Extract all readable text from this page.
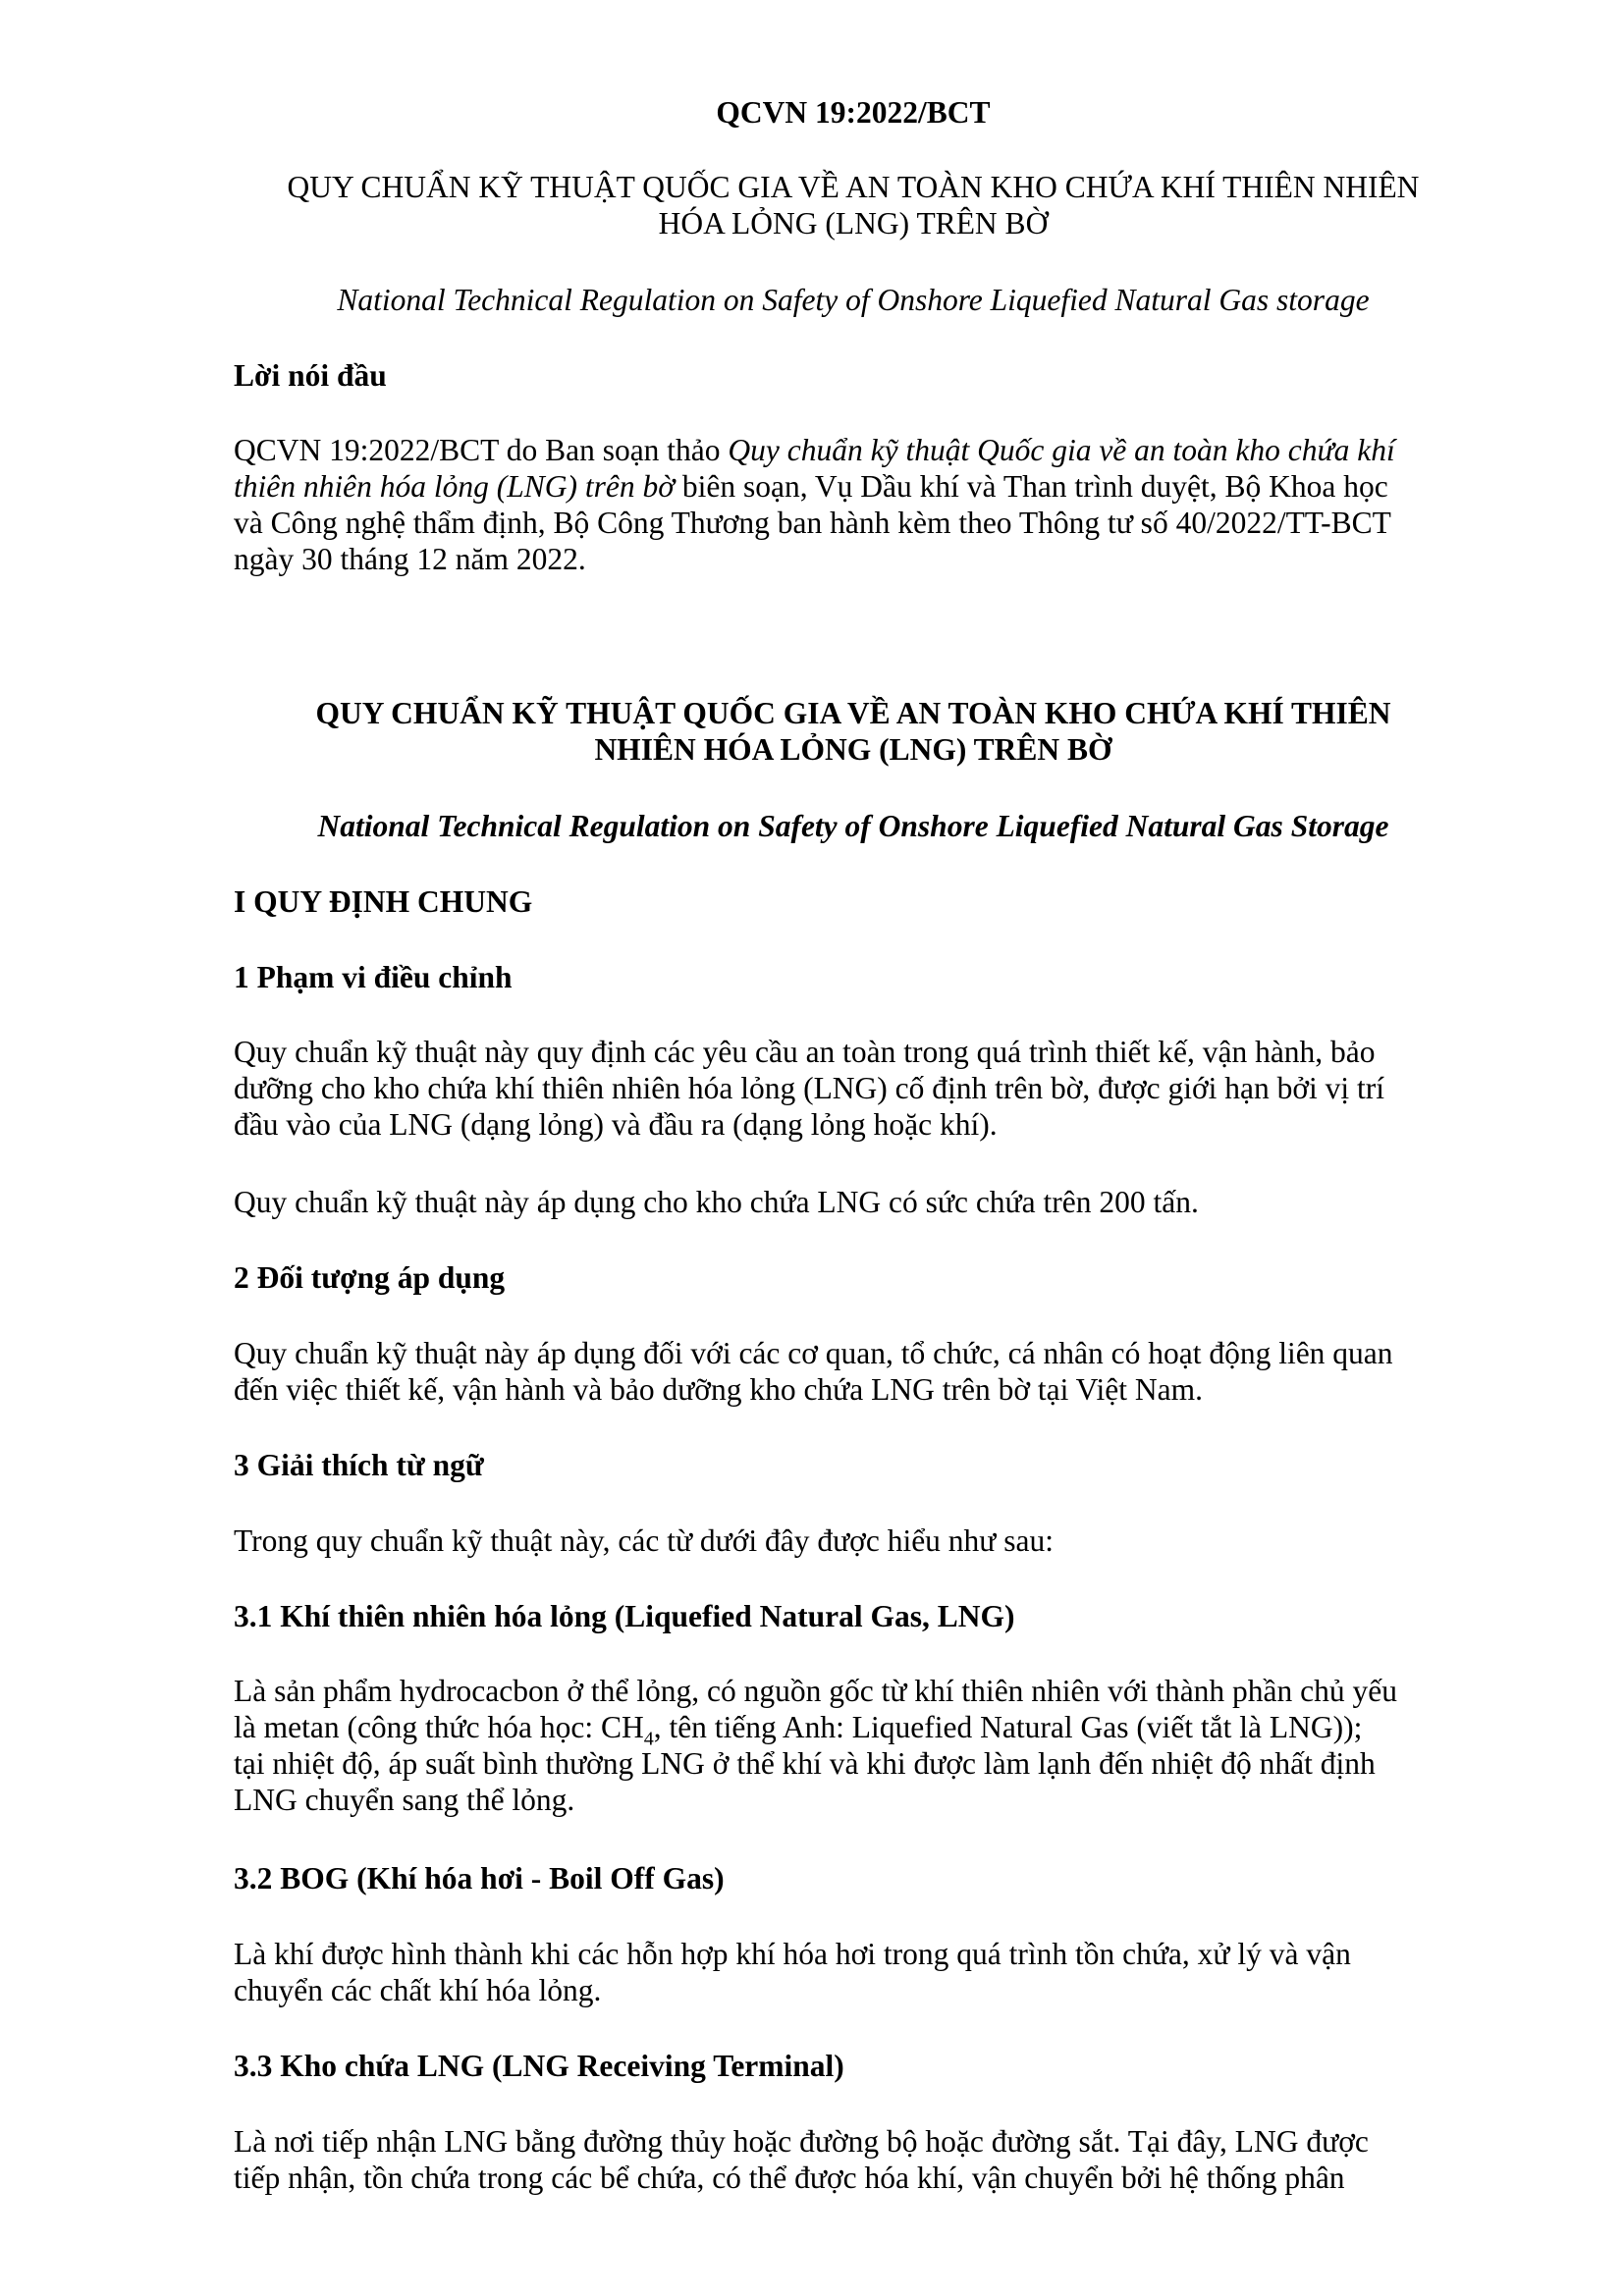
QCVN 19:2022/BCT

QUY CHUẨN KỸ THUẬT QUỐC GIA VỀ AN TOÀN KHO CHỨA KHÍ THIÊN NHIÊN

HÓA LỎNG (LNG) TRÊN BỜ

National Technical Regulation on Safety of Onshore Liquefied Natural Gas storage

Lời nói đầu

QCVN 19:2022/BCT do Ban soạn thảo Quy chuẩn kỹ thuật Quốc gia về an toàn kho chứa khí

thiên nhiên hóa lỏng (LNG) trên bờ biên soạn, Vụ Dầu khí và Than trình duyệt, Bộ Khoa học

và Công nghệ thẩm định, Bộ Công Thương ban hành kèm theo Thông tư số 40/2022/TT-BCT

ngày 30 tháng 12 năm 2022.

QUY CHUẨN KỸ THUẬT QUỐC GIA VỀ AN TOÀN KHO CHỨA KHÍ THIÊN

NHIÊN HÓA LỎNG (LNG) TRÊN BỜ

National Technical Regulation on Safety of Onshore Liquefied Natural Gas Storage

I QUY ĐỊNH CHUNG

1 Phạm vi điều chỉnh

Quy chuẩn kỹ thuật này quy định các yêu cầu an toàn trong quá trình thiết kế, vận hành, bảo

dưỡng cho kho chứa khí thiên nhiên hóa lỏng (LNG) cố định trên bờ, được giới hạn bởi vị trí

đầu vào của LNG (dạng lỏng) và đầu ra (dạng lỏng hoặc khí).

Quy chuẩn kỹ thuật này áp dụng cho kho chứa LNG có sức chứa trên 200 tấn.

2 Đối tượng áp dụng

Quy chuẩn kỹ thuật này áp dụng đối với các cơ quan, tổ chức, cá nhân có hoạt động liên quan

đến việc thiết kế, vận hành và bảo dưỡng kho chứa LNG trên bờ tại Việt Nam.

3 Giải thích từ ngữ

Trong quy chuẩn kỹ thuật này, các từ dưới đây được hiểu như sau:

3.1 Khí thiên nhiên hóa lỏng (Liquefied Natural Gas, LNG)

Là sản phẩm hydrocacbon ở thể lỏng, có nguồn gốc từ khí thiên nhiên với thành phần chủ yếu

là metan (công thức hóa học: $CH_4$, tên tiếng Anh: Liquefied Natural Gas (viết tắt là LNG));

tại nhiệt độ, áp suất bình thường LNG ở thể khí và khi được làm lạnh đến nhiệt độ nhất định

LNG chuyển sang thể lỏng.

3.2 BOG (Khí hóa hơi - Boil Off Gas)

Là khí được hình thành khi các hỗn hợp khí hóa hơi trong quá trình tồn chứa, xử lý và vận

chuyển các chất khí hóa lỏng.

3.3 Kho chứa LNG (LNG Receiving Terminal)

Là nơi tiếp nhận LNG bằng đường thủy hoặc đường bộ hoặc đường sắt. Tại đây, LNG được

tiếp nhận, tồn chứa trong các bể chứa, có thể được hóa khí, vận chuyển bởi hệ thống phân
